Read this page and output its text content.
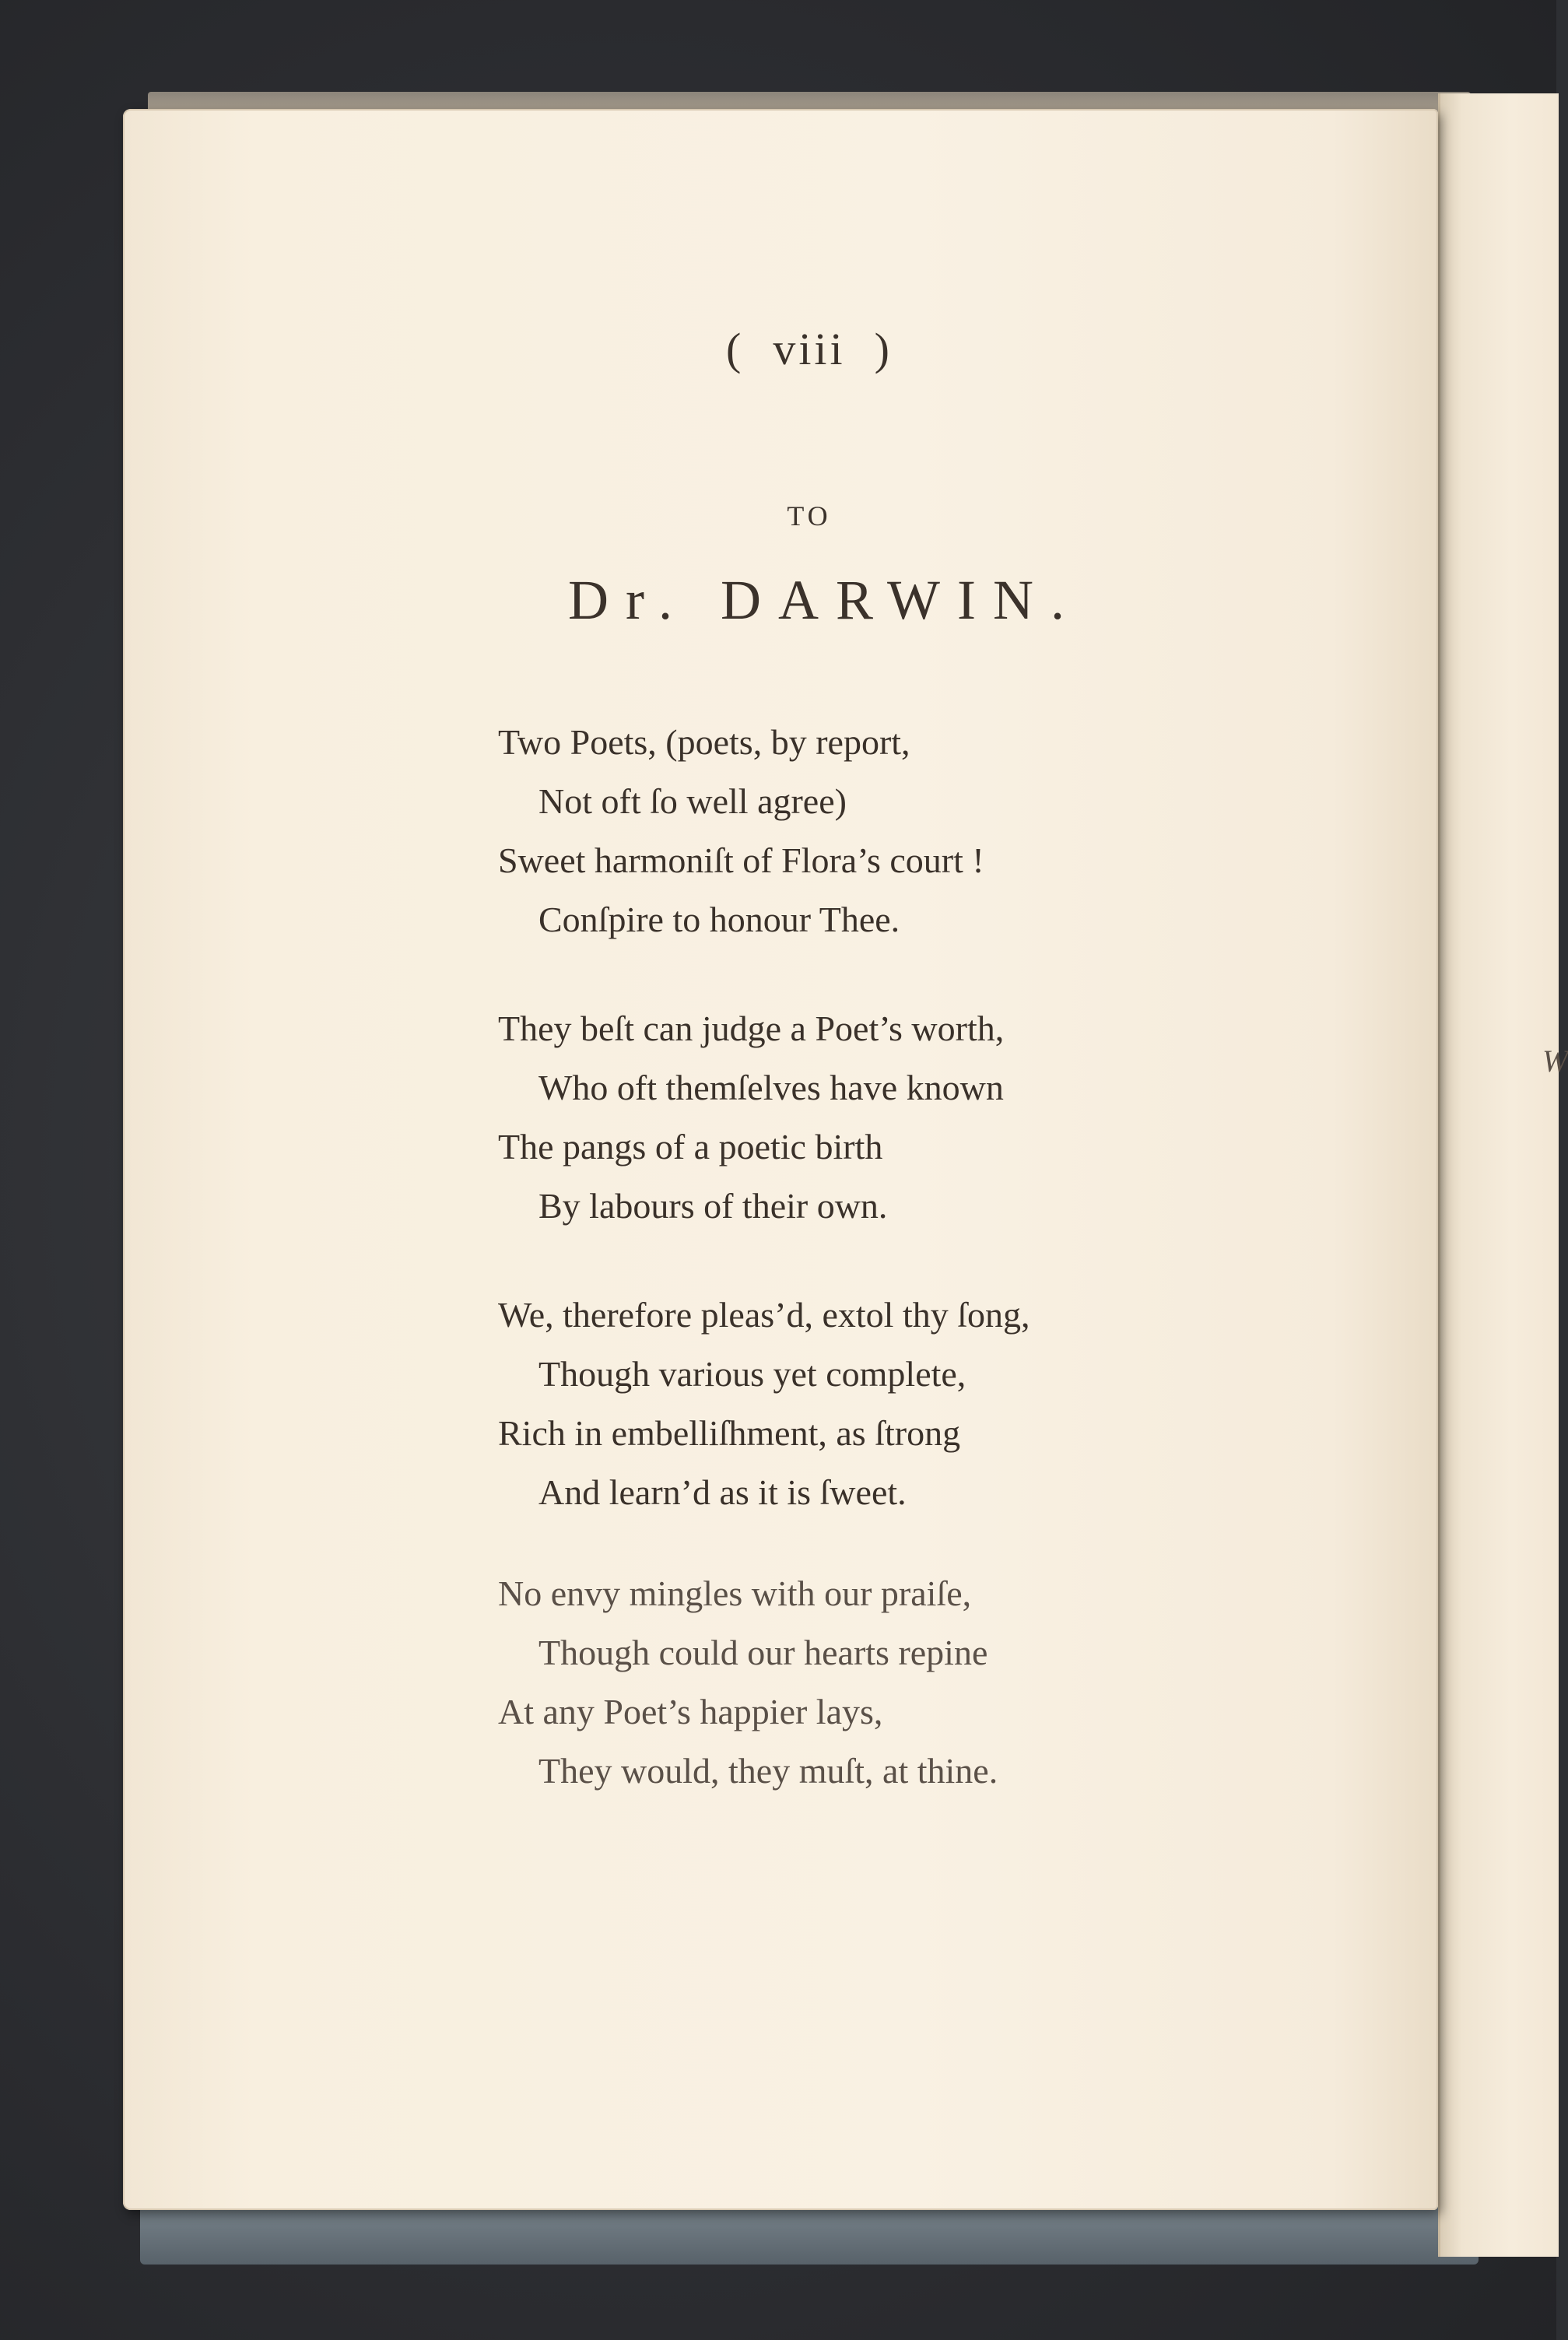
W
(  viii  )
TO
Dr. DARWIN.
Two Poets, (poets, by report,
Not oft ſo well agree)
Sweet harmoniſt of Flora’s court !
Conſpire to honour Thee.
They beſt can judge a Poet’s worth,
Who oft themſelves have known
The pangs of a poetic birth
By labours of their own.
We, therefore pleas’d, extol thy ſong,
Though various yet complete,
Rich in embelliſhment, as ſtrong
And learn’d as it is ſweet.
No envy mingles with our praiſe,
Though could our hearts repine
At any Poet’s happier lays,
They would, they muſt, at thine.
